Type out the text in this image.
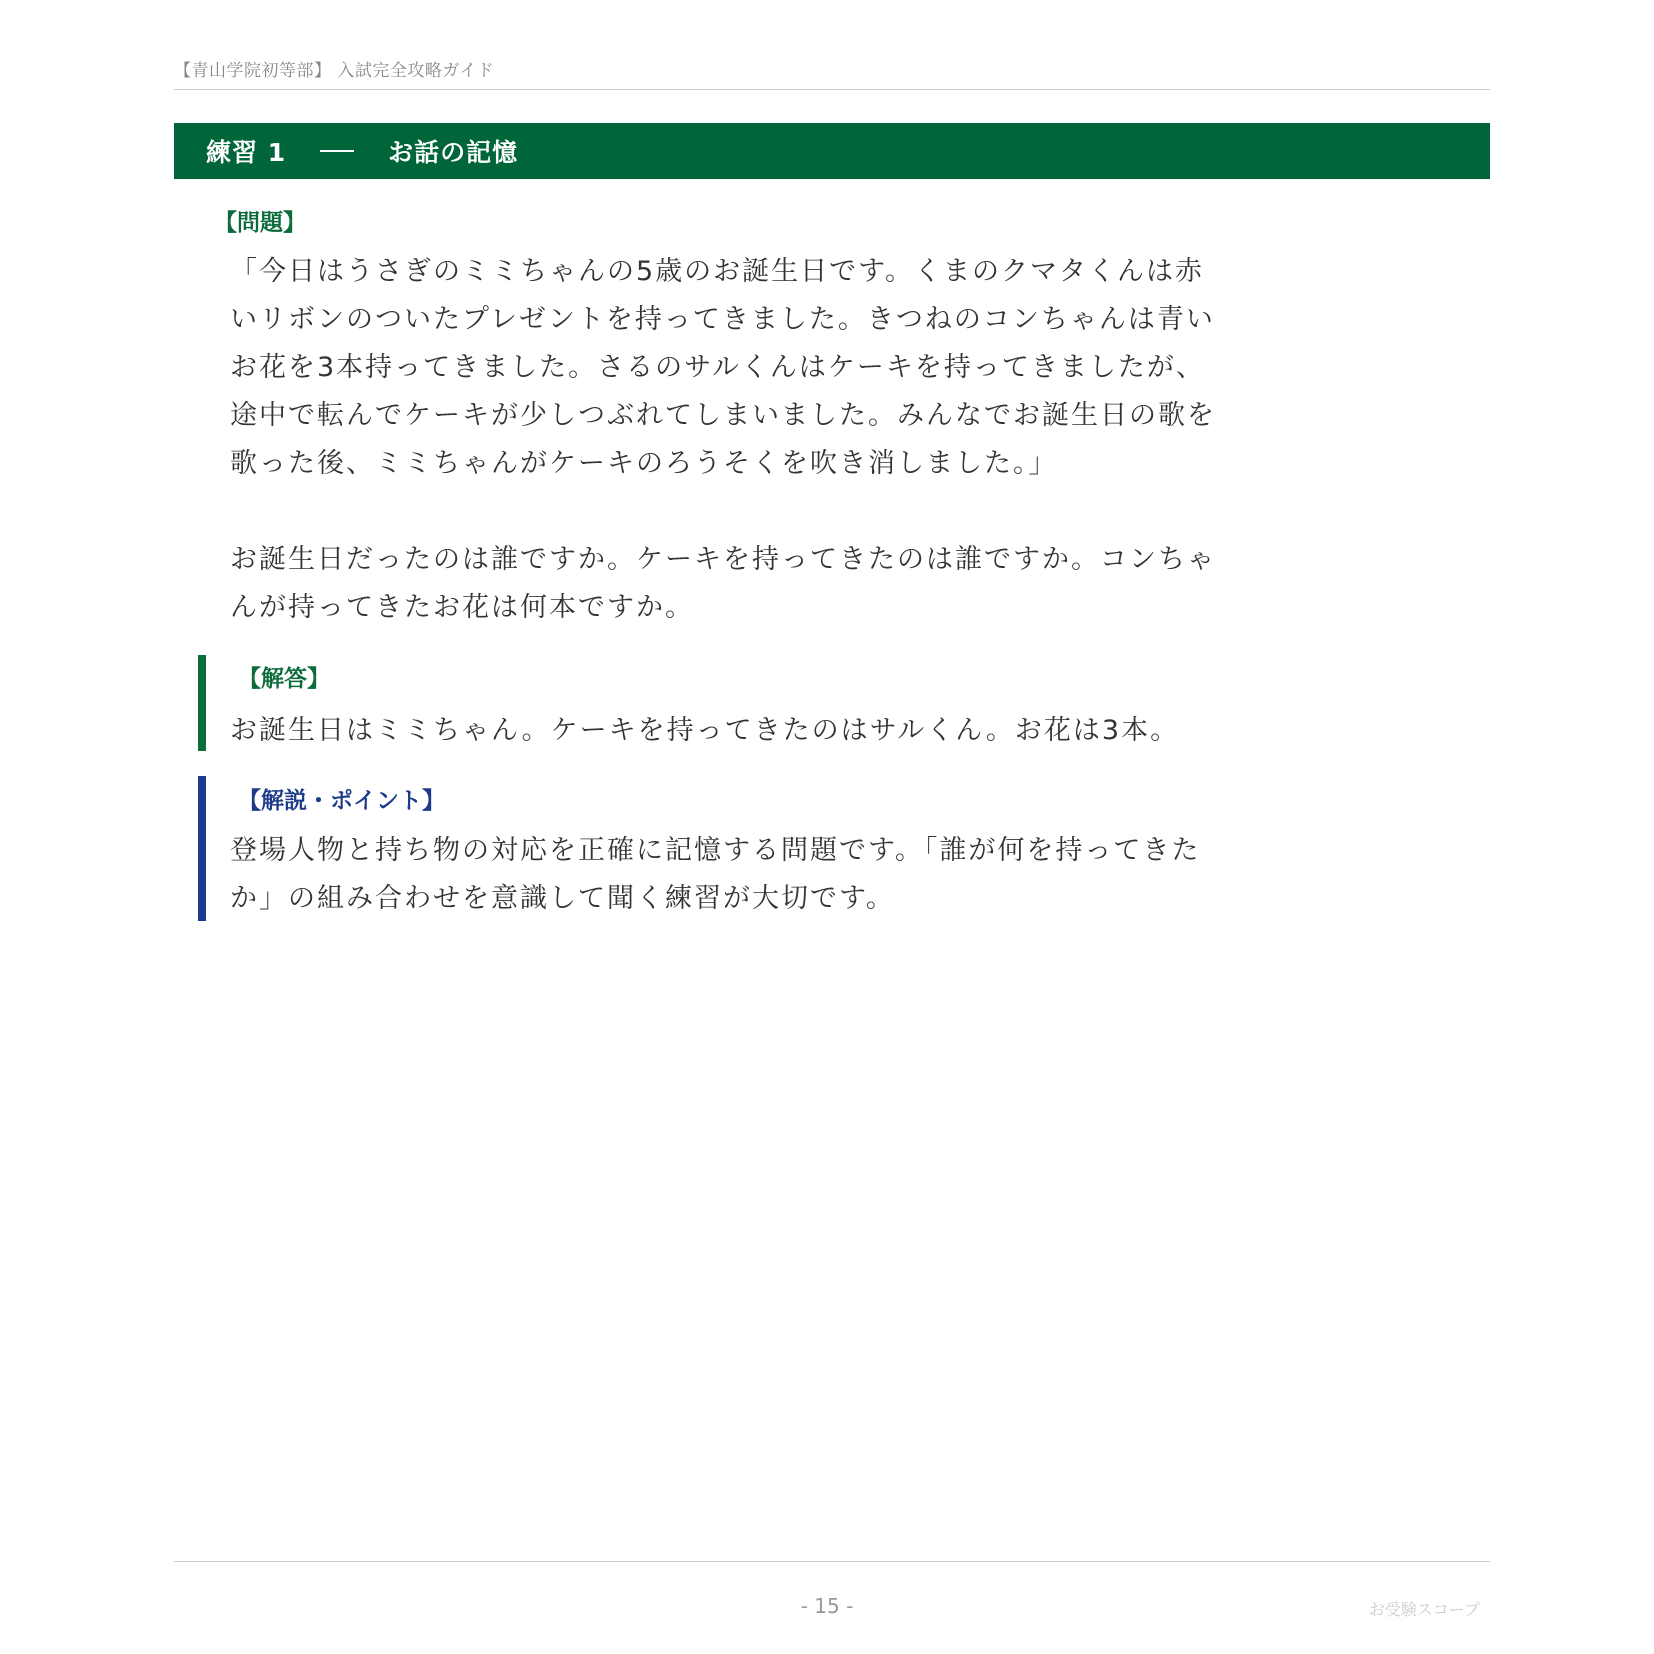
【青山学院初等部】 入試完全攻略ガイド
練習 1	お話の記憶
【問題】
「今日はうさぎのミミちゃんの5歳のお誕生日です。くまのクマタくんは赤
いリボンのついたプレゼントを持ってきました。きつねのコンちゃんは青い
お花を3本持ってきました。さるのサルくんはケーキを持ってきましたが、
途中で転んでケーキが少しつぶれてしまいました。みんなでお誕生日の歌を
歌った後、ミミちゃんがケーキのろうそくを吹き消しました。」
お誕生日だったのは誰ですか。ケーキを持ってきたのは誰ですか。コンちゃ
んが持ってきたお花は何本ですか。
【解答】
お誕生日はミミちゃん。ケーキを持ってきたのはサルくん。お花は3本。
【解説・ポイント】
登場人物と持ち物の対応を正確に記憶する問題です。「誰が何を持ってきた
か」の組み合わせを意識して聞く練習が大切です。
- 15 -	お受験スコープ
